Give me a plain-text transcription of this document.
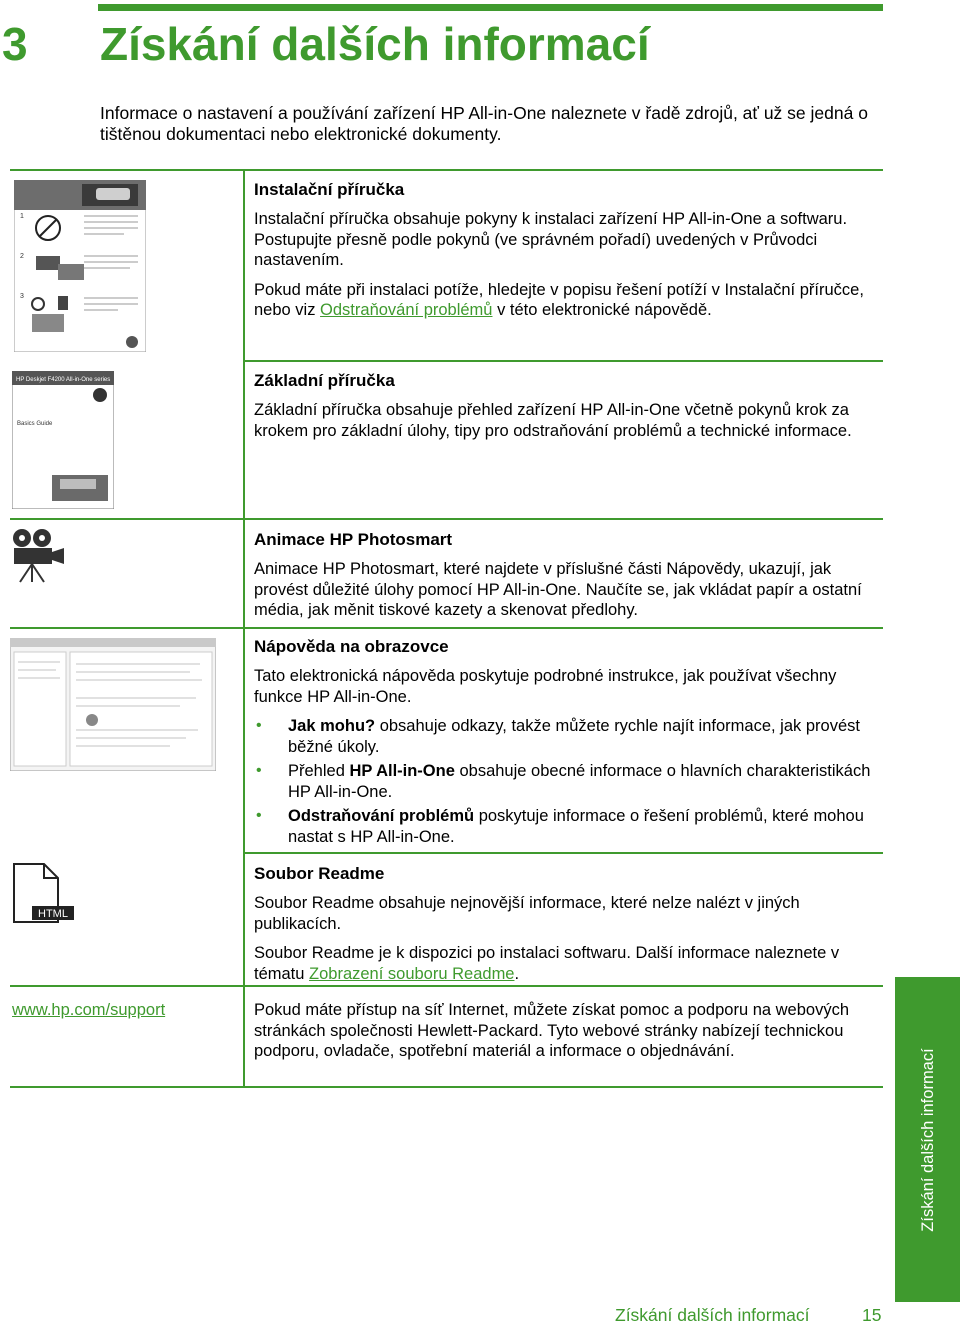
3 Získání dalších informací

Informace o nastavení a používání zařízení HP All-in-One naleznete v řadě zdrojů, ať už se jedná o tištěnou dokumentaci nebo elektronické dokumenty.

1
2
3
Instalační příručka

Instalační příručka obsahuje pokyny k instalaci zařízení HP All-in-One a softwaru. Postupujte přesně podle pokynů (ve správném pořadí) uvedených v Průvodci nastavením.

Pokud máte při instalaci potíže, hledejte v popisu řešení potíží v Instalační příručce, nebo viz Odstraňování problémů v této elektronické nápovědě.

HP Deskjet F4200 All-in-One series
Basics Guide
Základní příručka

Základní příručka obsahuje přehled zařízení HP All-in-One včetně pokynů krok za krokem pro základní úlohy, tipy pro odstraňování problémů a technické informace.

Animace HP Photosmart

Animace HP Photosmart, které najdete v příslušné části Nápovědy, ukazují, jak provést důležité úlohy pomocí HP All-in-One. Naučíte se, jak vkládat papír a ostatní média, jak měnit tiskové kazety a skenovat předlohy.

Nápověda na obrazovce

Tato elektronická nápověda poskytuje podrobné instrukce, jak používat všechny funkce HP All-in-One.

• Jak mohu? obsahuje odkazy, takže můžete rychle najít informace, jak provést běžné úkoly.
• Přehled HP All-in-One obsahuje obecné informace o hlavních charakteristikách HP All-in-One.
• Odstraňování problémů poskytuje informace o řešení problémů, které mohou nastat s HP All-in-One.
HTML
Soubor Readme

Soubor Readme obsahuje nejnovější informace, které nelze nalézt v jiných publikacích.

Soubor Readme je k dispozici po instalaci softwaru. Další informace naleznete v tématu Zobrazení souboru Readme.

www.hp.com/support	Pokud máte přístup na síť Internet, můžete získat pomoc a podporu na webových stránkách společnosti Hewlett-Packard. Tyto webové stránky nabízejí technickou podporu, ovladače, spotřební materiál a informace o objednávání.	Získání dalších informací
Získání dalších informací	15
